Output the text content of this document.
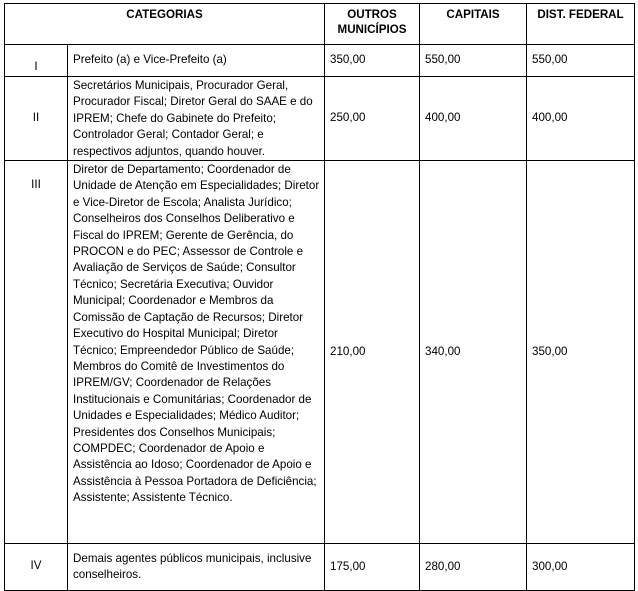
CATEGORIAS		OUTROS MUNICÍPIOS	CAPITAIS	DIST. FEDERAL
I	Prefeito (a) e Vice-Prefeito (a)	350,00	550,00	550,00
II	Secretários Municipais, Procurador Geral, Procurador Fiscal; Diretor Geral do SAAE e do IPREM; Chefe do Gabinete do Prefeito; Controlador Geral; Contador Geral; e respectivos adjuntos, quando houver.	250,00	400,00	400,00
III	Diretor de Departamento; Coordenador de Unidade de Atenção em Especialidades; Diretor e Vice-Diretor de Escola; Analista Jurídico; Conselheiros dos Conselhos Deliberativo e Fiscal do IPREM; Gerente de Gerência, do PROCON e do PEC; Assessor de Controle e Avaliação de Serviços de Saúde; Consultor Técnico; Secretária Executiva; Ouvidor Municipal; Coordenador e Membros da Comissão de Captação de Recursos; Diretor Executivo do Hospital Municipal; Diretor Técnico; Empreendedor Público de Saúde; Membros do Comitê de Investimentos do IPREM/GV; Coordenador de Relações Institucionais e Comunitárias; Coordenador de Unidades e Especialidades; Médico Auditor; Presidentes dos Conselhos Municipais; COMPDEC; Coordenador de Apoio e Assistência ao Idoso; Coordenador de Apoio e Assistência à Pessoa Portadora de Deficiência; Assistente; Assistente Técnico.	210,00	340,00	350,00
IV	Demais agentes públicos municipais, inclusive conselheiros.	175,00	280,00	300,00
